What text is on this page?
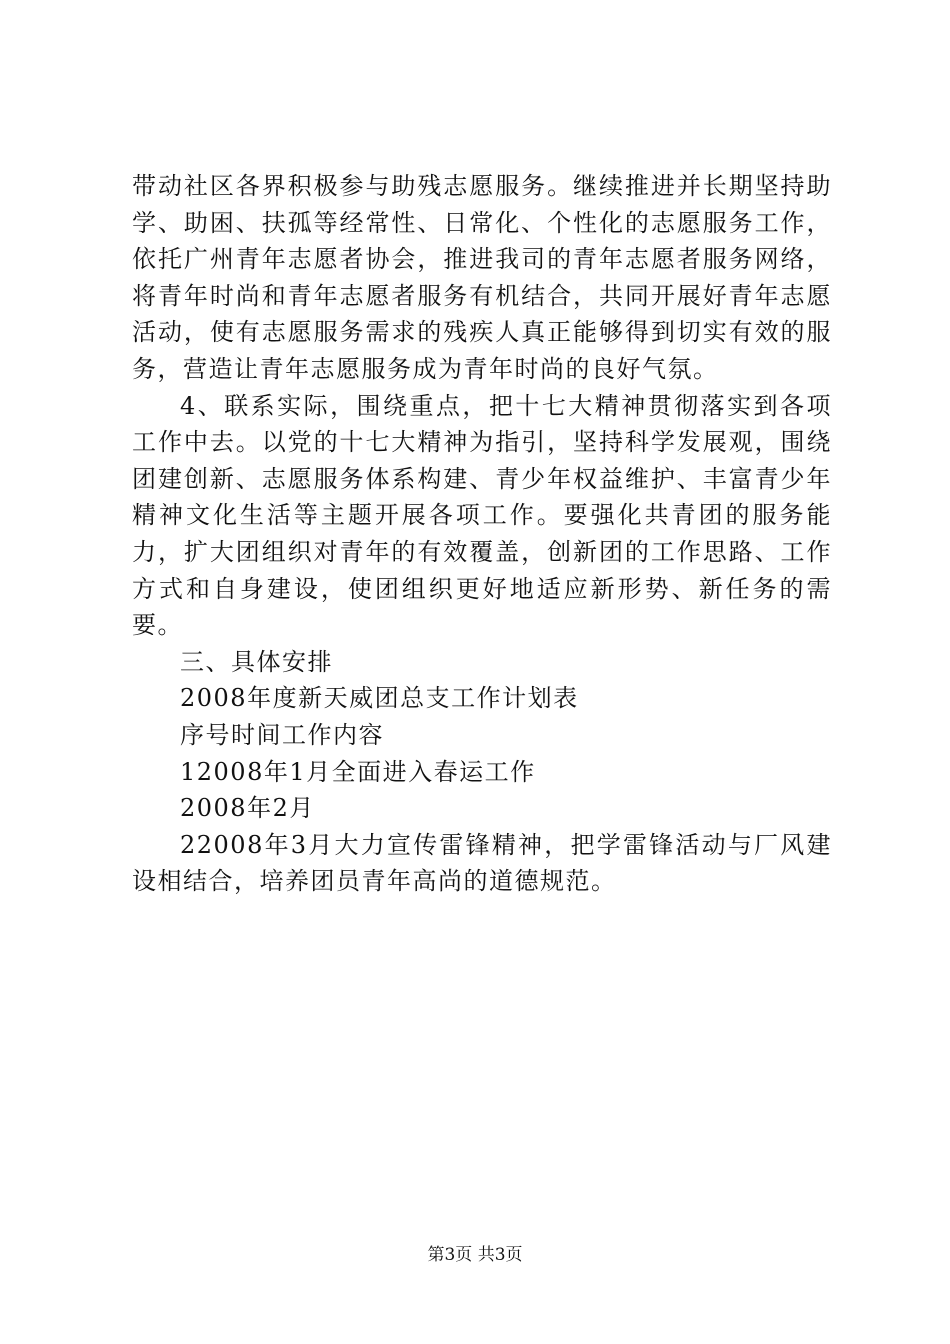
带动社区各界积极参与助残志愿服务。继续推进并长期坚持助学、助困、扶孤等经常性、日常化、个性化的志愿服务工作，依托广州青年志愿者协会，推进我司的青年志愿者服务网络，将青年时尚和青年志愿者服务有机结合，共同开展好青年志愿活动，使有志愿服务需求的残疾人真正能够得到切实有效的服务，营造让青年志愿服务成为青年时尚的良好气氛。

4、联系实际，围绕重点，把十七大精神贯彻落实到各项工作中去。以党的十七大精神为指引，坚持科学发展观，围绕团建创新、志愿服务体系构建、青少年权益维护、丰富青少年精神文化生活等主题开展各项工作。要强化共青团的服务能力，扩大团组织对青年的有效覆盖，创新团的工作思路、工作方式和自身建设，使团组织更好地适应新形势、新任务的需要。

三、具体安排

2008年度新天威团总支工作计划表

序号时间工作内容

12008年1月全面进入春运工作

2008年2月

22008年3月大力宣传雷锋精神，把学雷锋活动与厂风建设相结合，培养团员青年高尚的道德规范。

第3页 共3页
